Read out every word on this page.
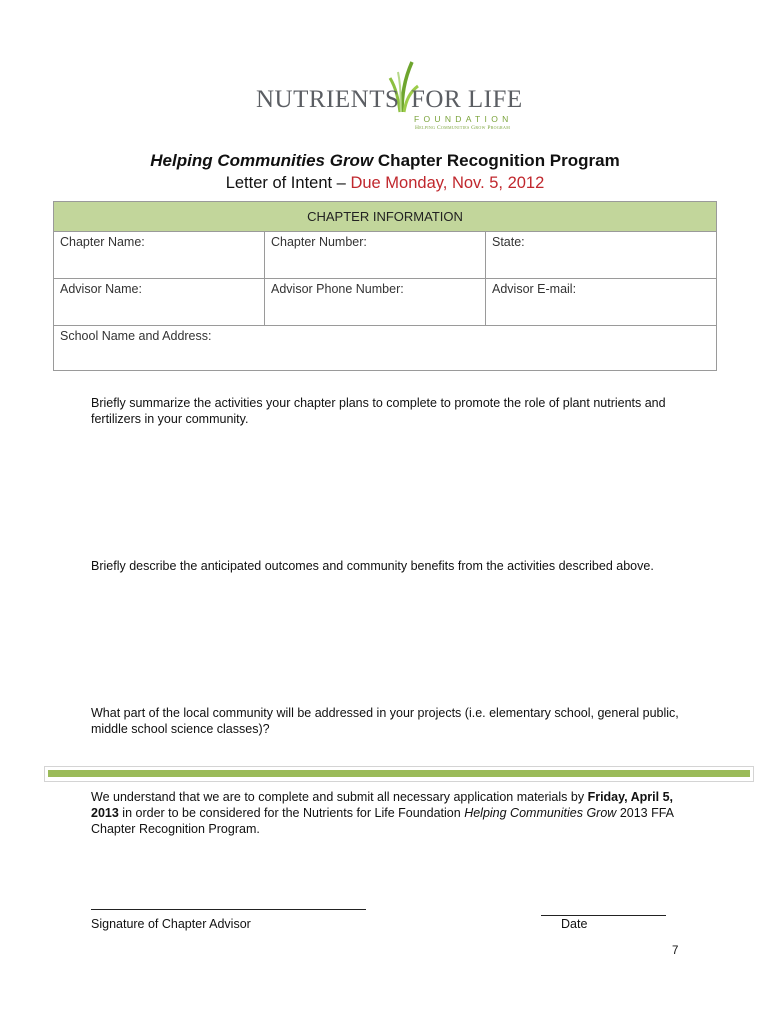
NUTRIENTS FOR LIFE
FOUNDATION
Helping Communities Grow Program
Helping Communities Grow Chapter Recognition Program
Letter of Intent – Due Monday, Nov. 5, 2012
CHAPTER INFORMATION
Chapter Name:	Chapter Number:	State:
Advisor Name:	Advisor Phone Number:	Advisor E-mail:
School Name and Address:
Briefly summarize the activities your chapter plans to complete to promote the role of plant nutrients and fertilizers in your community.
Briefly describe the anticipated outcomes and community benefits from the activities described above.
What part of the local community will be addressed in your projects (i.e. elementary school, general public, middle school science classes)?
We understand that we are to complete and submit all necessary application materials by Friday, April 5, 2013 in order to be considered for the Nutrients for Life Foundation Helping Communities Grow 2013 FFA Chapter Recognition Program.
Signature of Chapter Advisor	Date
7
